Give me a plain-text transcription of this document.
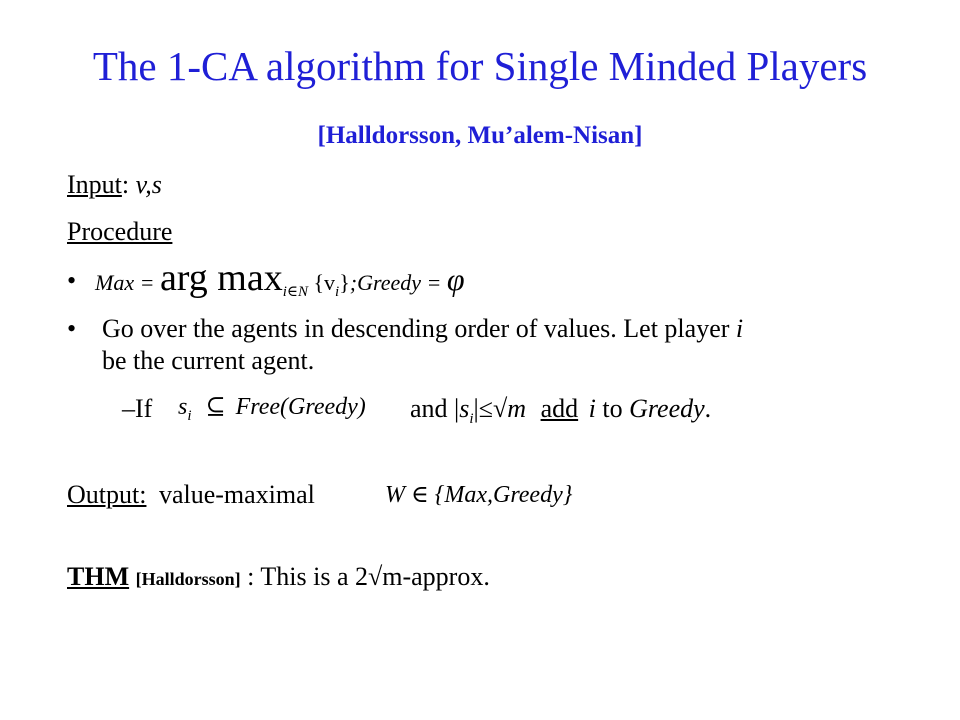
The 1-CA algorithm for Single Minded Players
[Halldorsson, Mu’alem-Nisan]
Input: v,s
Procedure
• Max = arg $\max_{i\in N}$ $\{v_i\};Greedy = \varphi$
• Go over the agents in descending order of values. Let player i
be the current agent.
–If $s_i$ ⊆ Free(Greedy) and $|s_i|\le√m$ add i to Greedy.
Output: value-maximal	W ∈ {Max,Greedy}
THM [Halldorsson] : This is a 2√m-approx.
